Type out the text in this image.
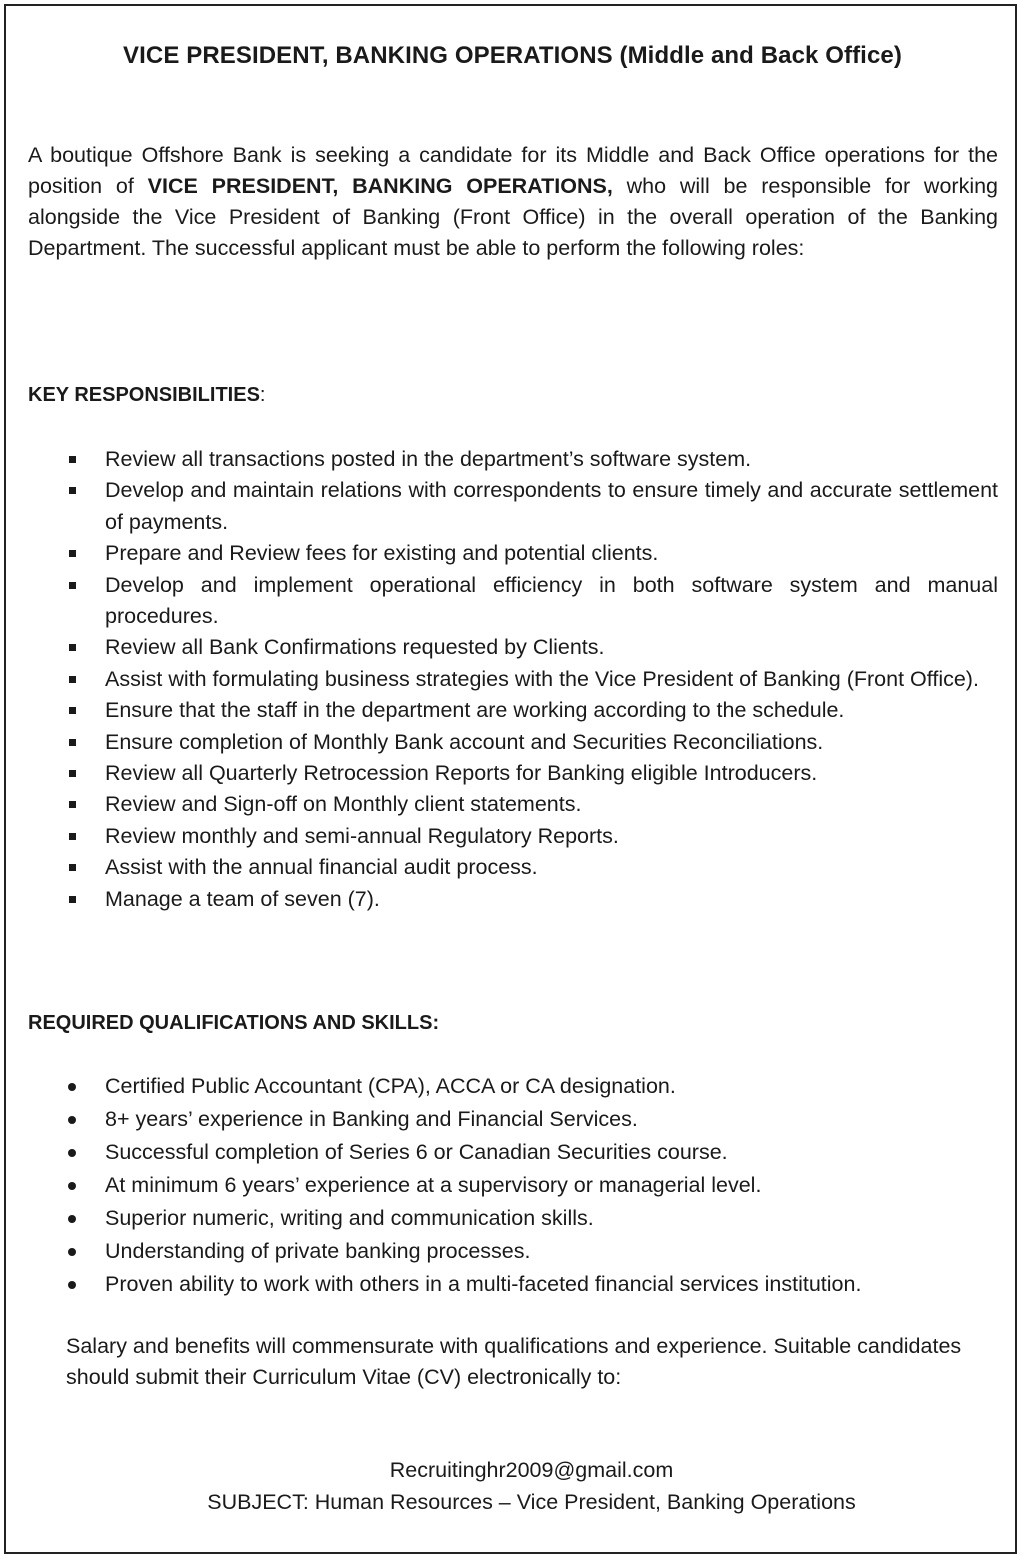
VICE PRESIDENT, BANKING OPERATIONS (Middle and Back Office)
A boutique Offshore Bank is seeking a candidate for its Middle and Back Office operations for the position of VICE PRESIDENT, BANKING OPERATIONS, who will be responsible for working alongside the Vice President of Banking (Front Office) in the overall operation of the Banking Department. The successful applicant must be able to perform the following roles:
KEY RESPONSIBILITIES:
Review all transactions posted in the department’s software system.
Develop and maintain relations with correspondents to ensure timely and accurate settlement of payments.
Prepare and Review fees for existing and potential clients.
Develop and implement operational efficiency in both software system and manual procedures.
Review all Bank Confirmations requested by Clients.
Assist with formulating business strategies with the Vice President of Banking (Front Office).
Ensure that the staff in the department are working according to the schedule.
Ensure completion of Monthly Bank account and Securities Reconciliations.
Review all Quarterly Retrocession Reports for Banking eligible Introducers.
Review and Sign-off on Monthly client statements.
Review monthly and semi-annual Regulatory Reports.
Assist with the annual financial audit process.
Manage a team of seven (7).
REQUIRED QUALIFICATIONS AND SKILLS:
Certified Public Accountant (CPA), ACCA or CA designation.
8+ years’ experience in Banking and Financial Services.
Successful completion of Series 6 or Canadian Securities course.
At minimum 6 years’ experience at a supervisory or managerial level.
Superior numeric, writing and communication skills.
Understanding of private banking processes.
Proven ability to work with others in a multi-faceted financial services institution.
Salary and benefits will commensurate with qualifications and experience. Suitable candidates should submit their Curriculum Vitae (CV) electronically to:
Recruitinghr2009@gmail.com
SUBJECT: Human Resources – Vice President, Banking Operations
